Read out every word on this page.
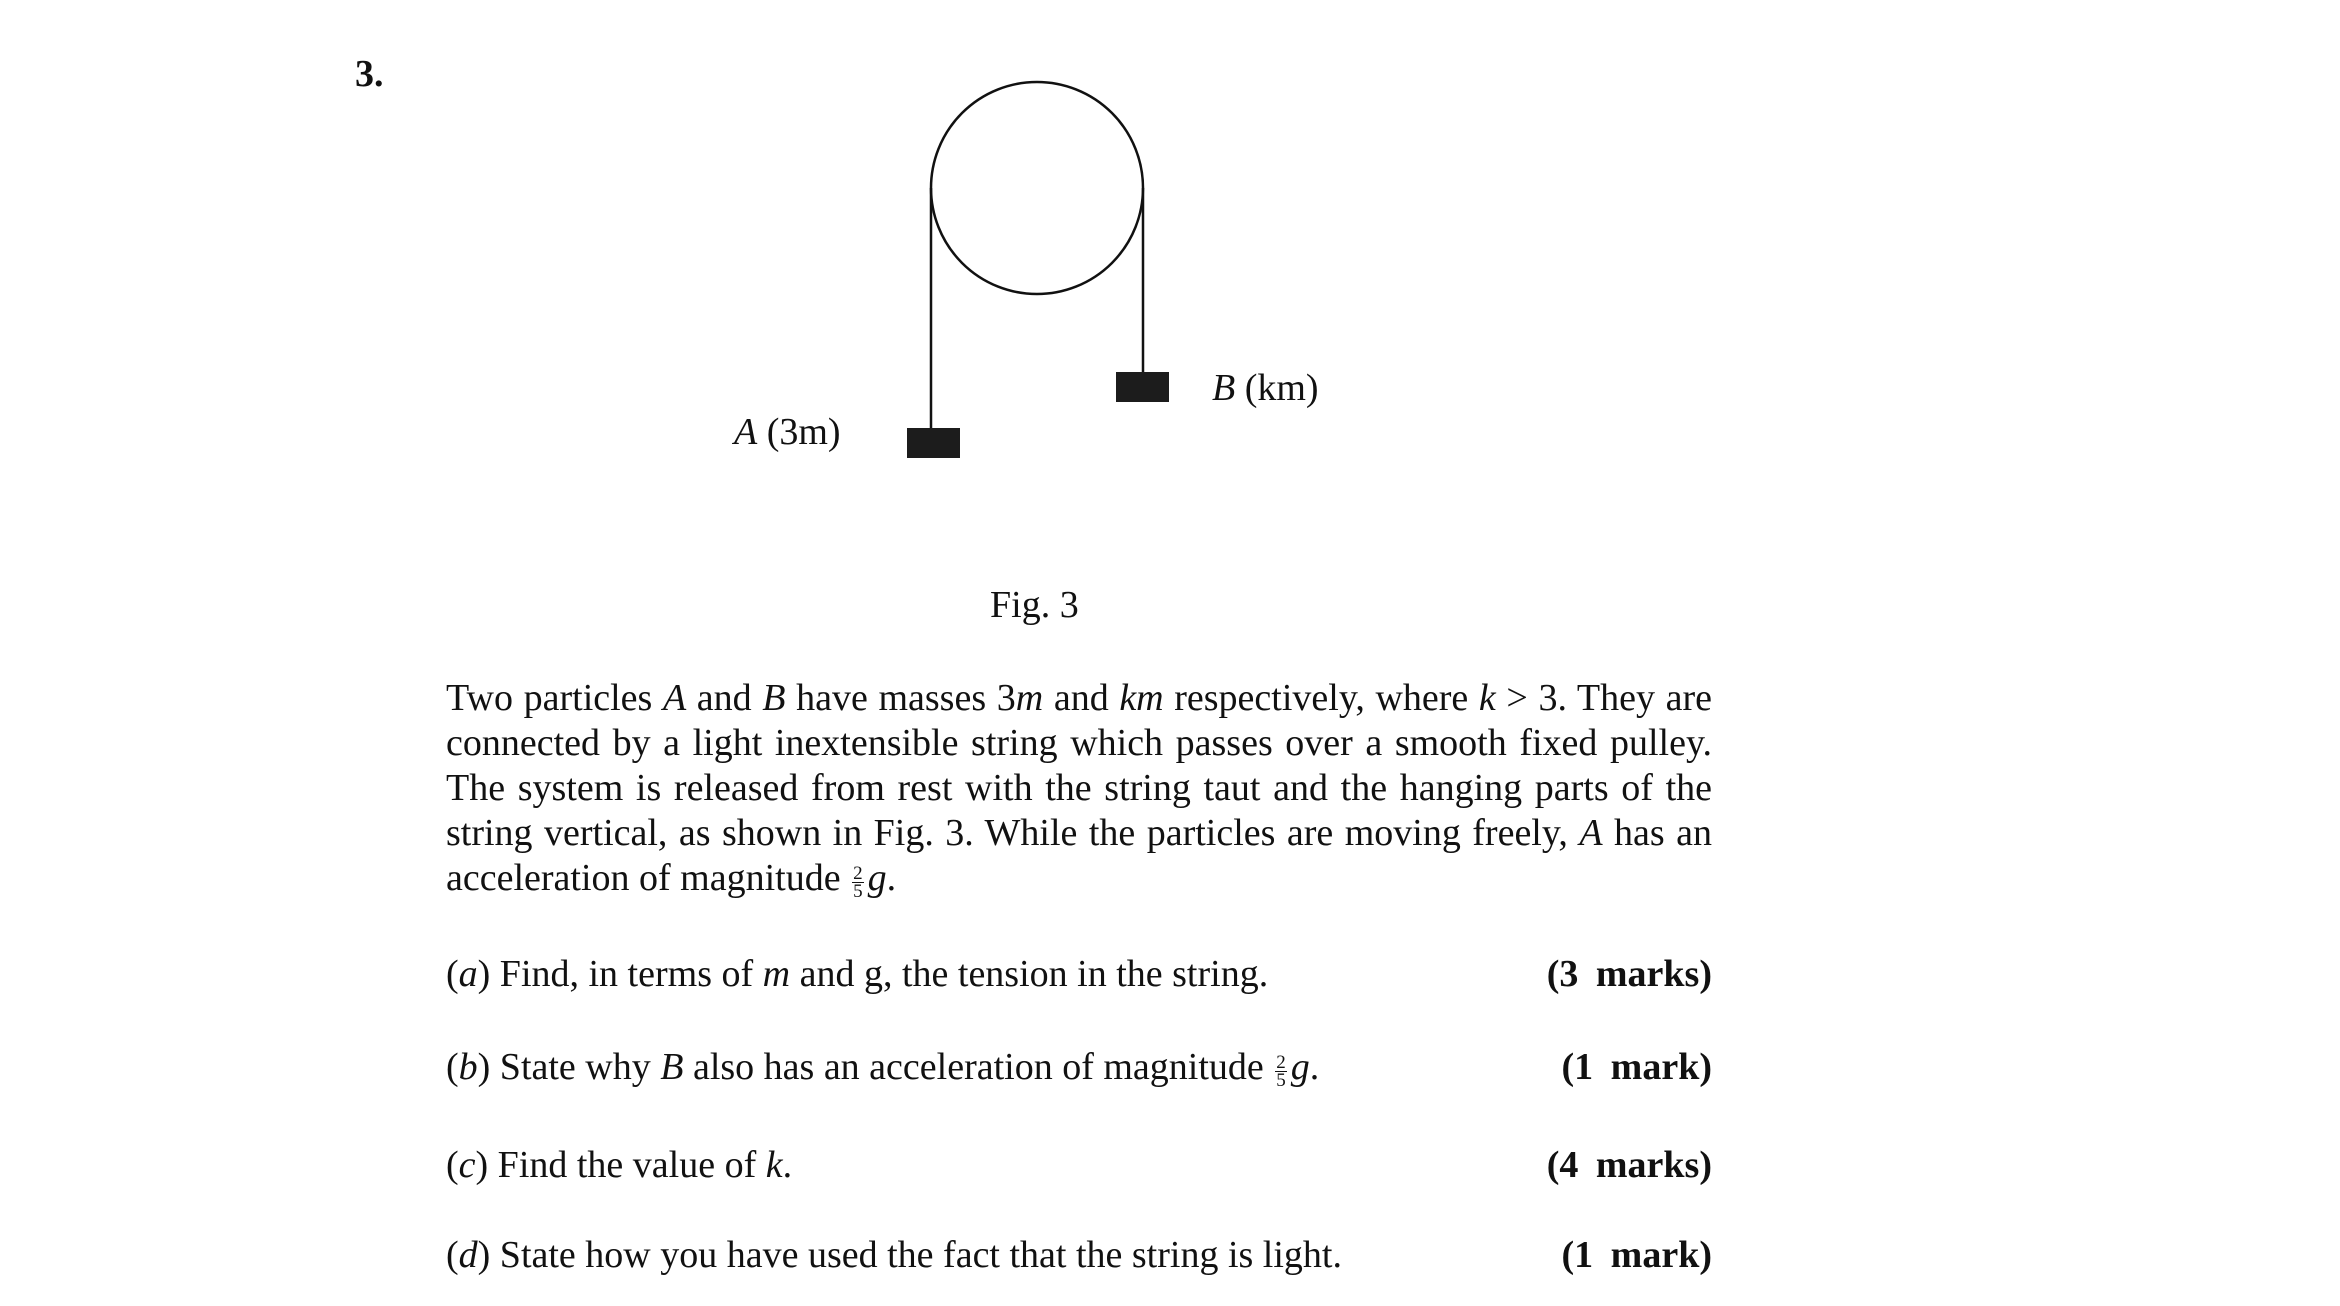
3.
A (3m)
B (km)
Fig. 3

Two particles A and B have masses 3m and km respectively, where k > 3. They are connected by a light inextensible string which passes over a smooth fixed pulley. The system is released from rest with the string taut and the hanging parts of the string vertical, as shown in Fig. 3. While the particles are moving freely, A has an acceleration of magnitude $\frac{2}{5} g$.

(a) Find, in terms of m and g, the tension in the string.	(3 marks)
(b) State why B also has an acceleration of magnitude $\frac{2}{5} g$.	(1 mark)
(c) Find the value of k.	(4 marks)
(d) State how you have used the fact that the string is light.	(1 mark)
